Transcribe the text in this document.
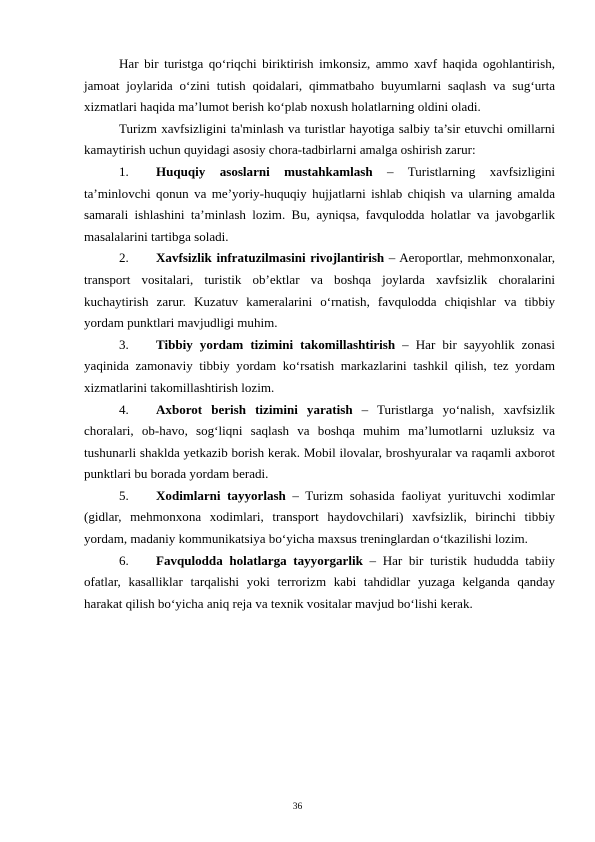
Har bir turistga qo‘riqchi biriktirish imkonsiz, ammo xavf haqida ogohlantirish, jamoat joylarida o‘zini tutish qoidalari, qimmatbaho buyumlarni saqlash va sug‘urta xizmatlari haqida ma’lumot berish ko‘plab noxush holatlarning oldini oladi.

Turizm xavfsizligini ta'minlash va turistlar hayotiga salbiy ta’sir etuvchi omillarni kamaytirish uchun quyidagi asosiy chora-tadbirlarni amalga oshirish zarur:

1. Huquqiy asoslarni mustahkamlash – Turistlarning xavfsizligini ta’minlovchi qonun va me’yoriy-huquqiy hujjatlarni ishlab chiqish va ularning amalda samarali ishlashini ta’minlash lozim. Bu, ayniqsa, favqulodda holatlar va javobgarlik masalalarini tartibga soladi.

2. Xavfsizlik infratuzilmasini rivojlantirish – Aeroportlar, mehmonxonalar, transport vositalari, turistik ob’ektlar va boshqa joylarda xavfsizlik choralarini kuchaytirish zarur. Kuzatuv kameralarini o‘rnatish, favqulodda chiqishlar va tibbiy yordam punktlari mavjudligi muhim.

3. Tibbiy yordam tizimini takomillashtirish – Har bir sayyohlik zonasi yaqinida zamonaviy tibbiy yordam ko‘rsatish markazlarini tashkil qilish, tez yordam xizmatlarini takomillashtirish lozim.

4. Axborot berish tizimini yaratish – Turistlarga yo‘nalish, xavfsizlik choralari, ob-havo, sog‘liqni saqlash va boshqa muhim ma’lumotlarni uzluksiz va tushunarli shaklda yetkazib borish kerak. Mobil ilovalar, broshyuralar va raqamli axborot punktlari bu borada yordam beradi.

5. Xodimlarni tayyorlash – Turizm sohasida faoliyat yurituvchi xodimlar (gidlar, mehmonxona xodimlari, transport haydovchilari) xavfsizlik, birinchi tibbiy yordam, madaniy kommunikatsiya bo‘yicha maxsus treninglardan o‘tkazilishi lozim.

6. Favqulodda holatlarga tayyorgarlik – Har bir turistik hududda tabiiy ofatlar, kasalliklar tarqalishi yoki terrorizm kabi tahdidlar yuzaga kelganda qanday harakat qilish bo‘yicha aniq reja va texnik vositalar mavjud bo‘lishi kerak.

36
